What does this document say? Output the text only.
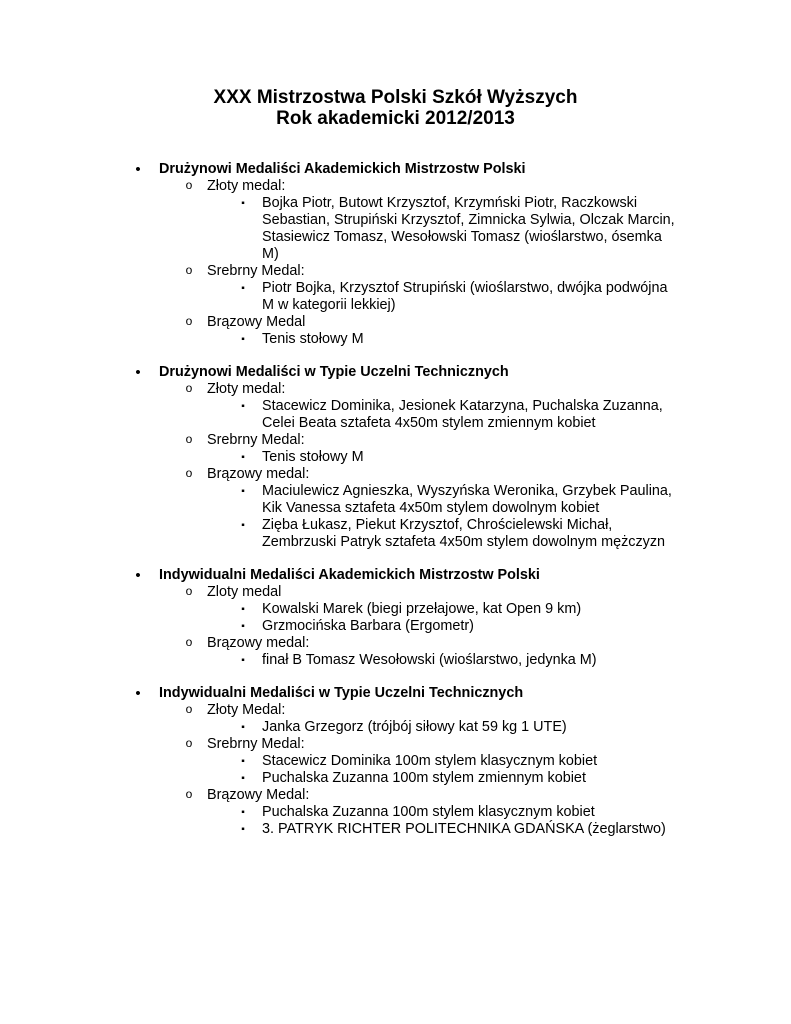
XXX Mistrzostwa Polski Szkół Wyższych
Rok akademicki 2012/2013
• Drużynowi Medaliści Akademickich Mistrzostw Polski
o Złoty medal:
▪ Bojka Piotr, Butowt Krzysztof, Krzymński Piotr, Raczkowski Sebastian, Strupiński Krzysztof, Zimnicka Sylwia, Olczak Marcin, Stasiewicz Tomasz, Wesołowski Tomasz (wioślarstwo, ósemka M)
o Srebrny Medal:
▪ Piotr Bojka, Krzysztof Strupiński (wioślarstwo, dwójka podwójna M w kategorii lekkiej)
o Brązowy Medal
▪ Tenis stołowy M
• Drużynowi Medaliści w Typie Uczelni Technicznych
o Złoty medal:
▪ Stacewicz Dominika, Jesionek Katarzyna, Puchalska Zuzanna, Celei Beata sztafeta 4x50m stylem zmiennym kobiet
o Srebrny Medal:
▪ Tenis stołowy M
o Brązowy medal:
▪ Maciulewicz Agnieszka, Wyszyńska Weronika, Grzybek Paulina, Kik Vanessa sztafeta 4x50m stylem dowolnym kobiet
▪ Zięba Łukasz, Piekut Krzysztof, Chrościelewski Michał, Zembrzuski Patryk sztafeta 4x50m stylem dowolnym mężczyzn
• Indywidualni Medaliści Akademickich Mistrzostw Polski
o Zloty medal
▪ Kowalski Marek (biegi przełajowe, kat Open 9 km)
▪ Grzmocińska Barbara (Ergometr)
o Brązowy medal:
▪ finał B Tomasz Wesołowski (wioślarstwo, jedynka M)
• Indywidualni Medaliści w Typie Uczelni Technicznych
o Złoty Medal:
▪ Janka Grzegorz (trójbój siłowy kat 59 kg 1 UTE)
o Srebrny Medal:
▪ Stacewicz Dominika 100m stylem klasycznym kobiet
▪ Puchalska Zuzanna 100m stylem zmiennym kobiet
o Brązowy Medal:
▪ Puchalska Zuzanna 100m stylem klasycznym kobiet
▪ 3. PATRYK RICHTER POLITECHNIKA GDAŃSKA (żeglarstwo)
